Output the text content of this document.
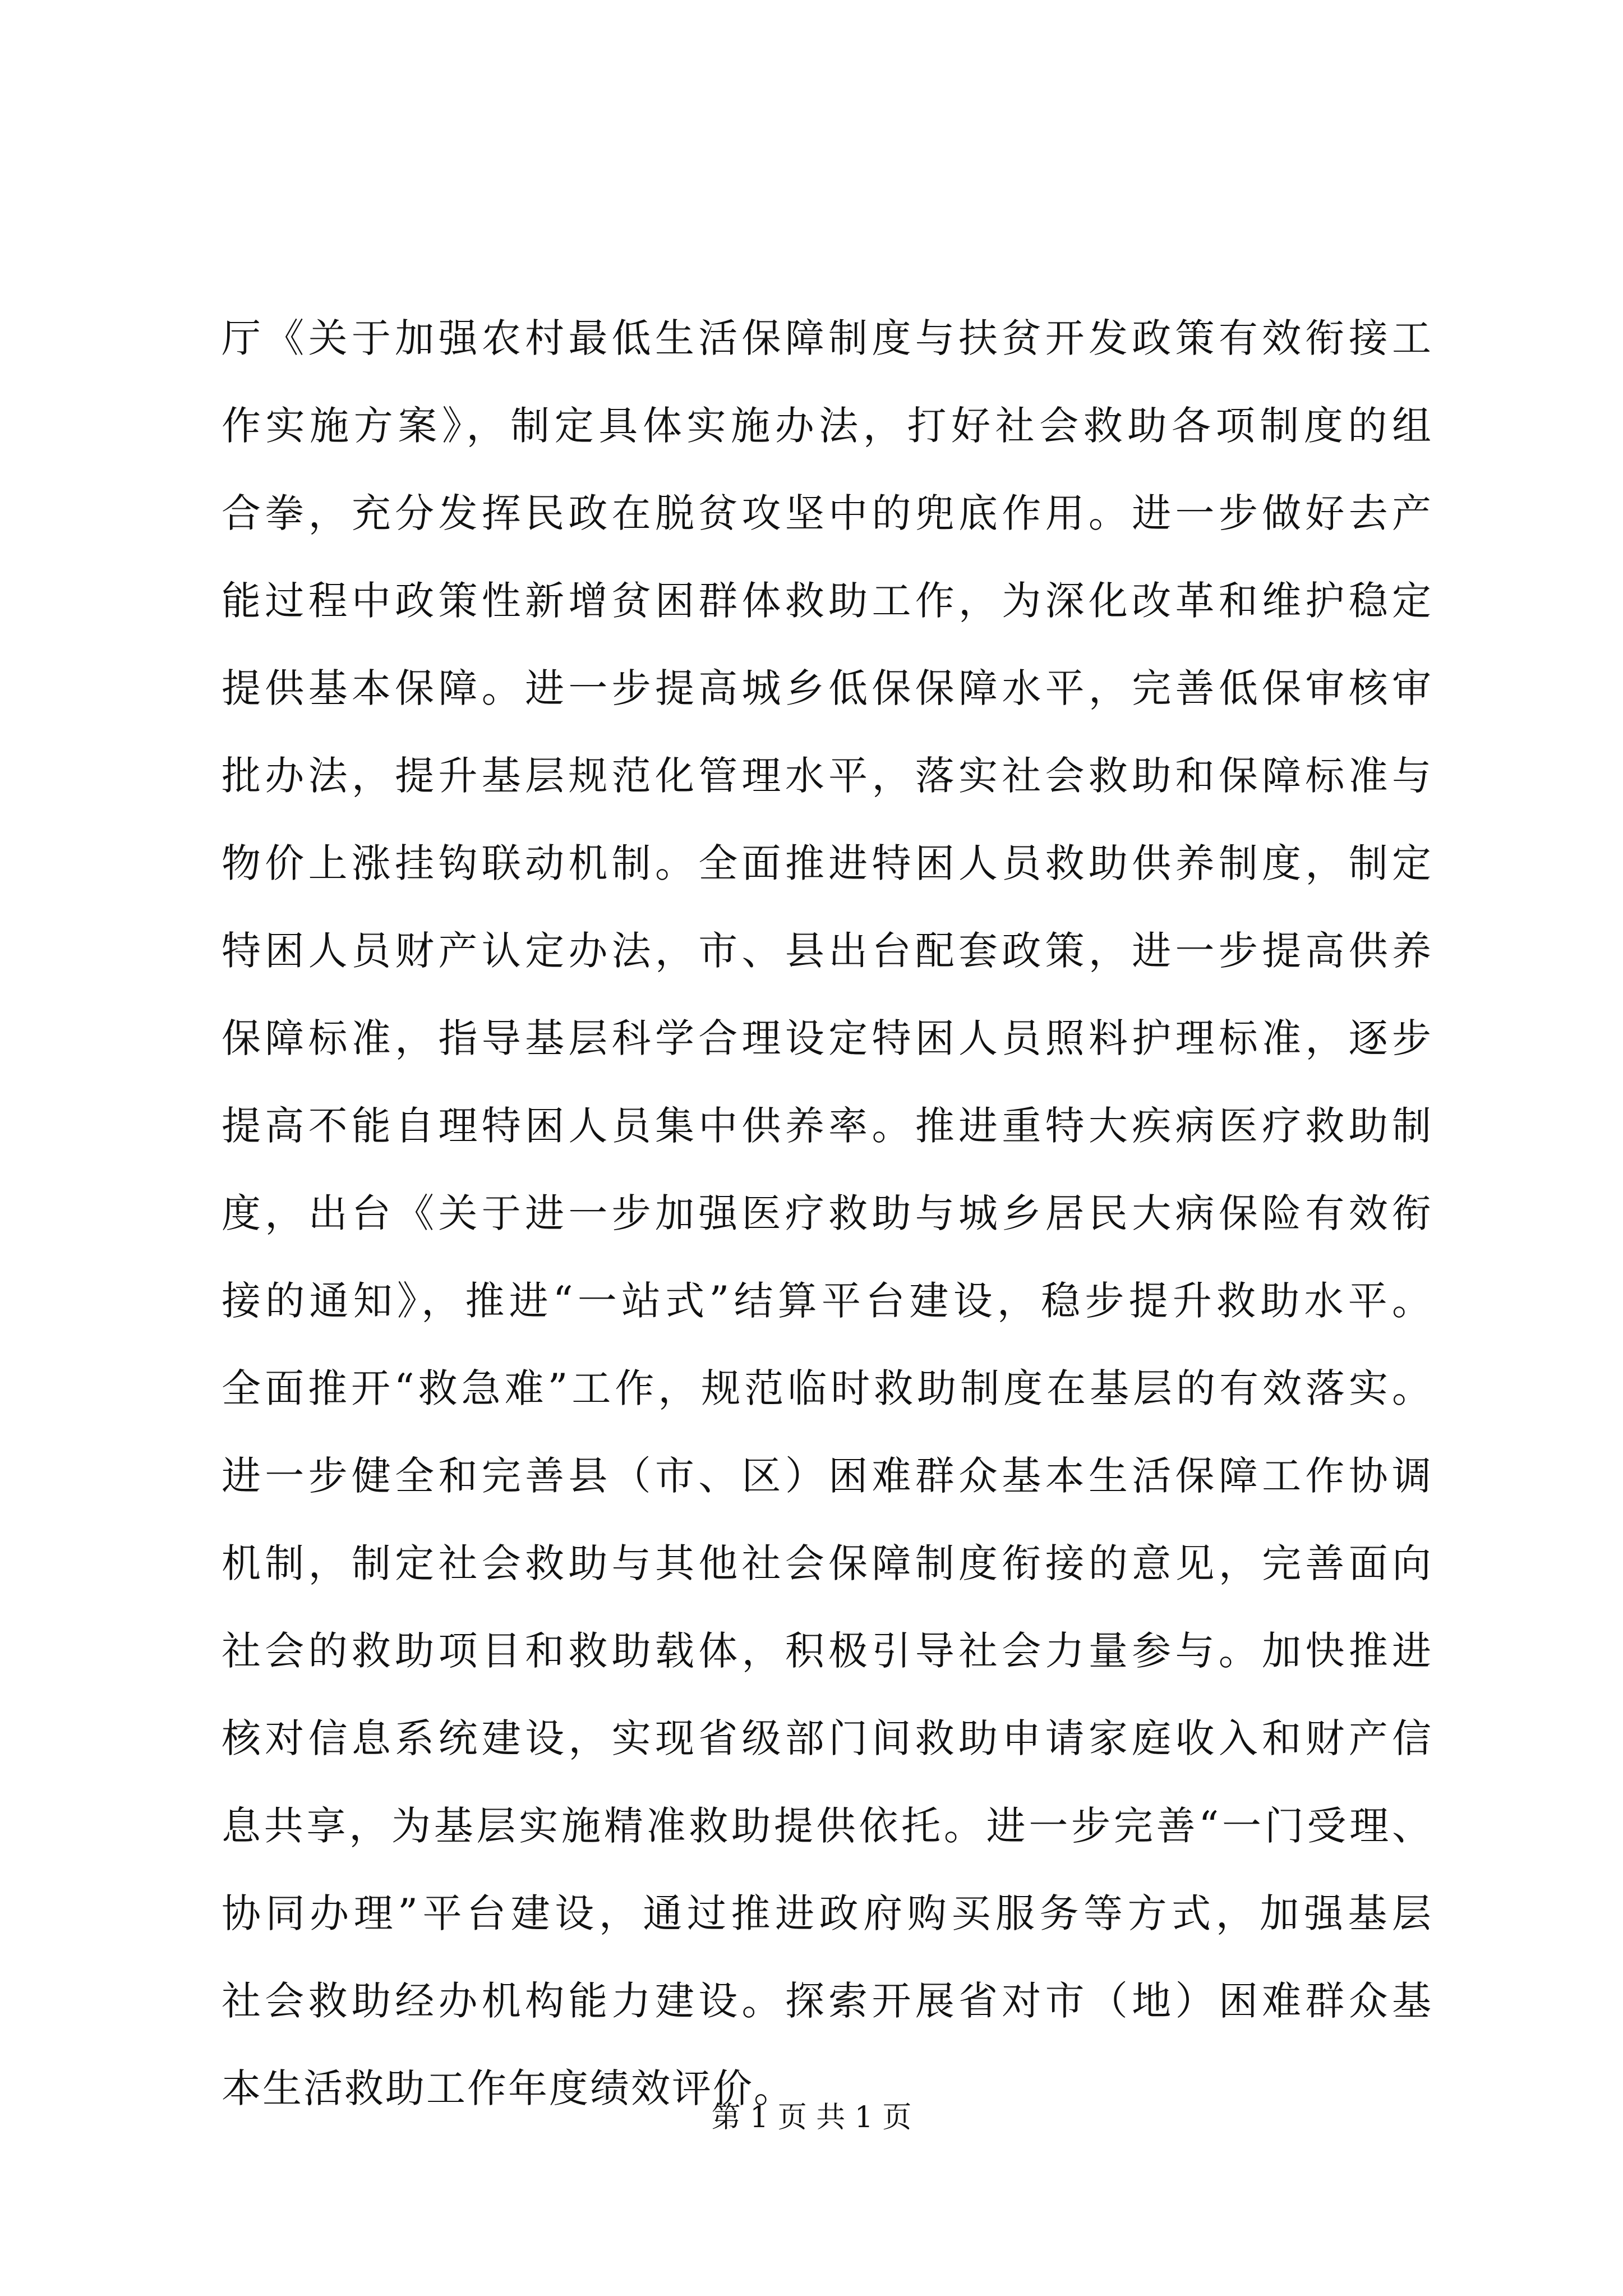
厅《关于加强农村最低生活保障制度与扶贫开发政策有效衔接工
作实施方案》，制定具体实施办法，打好社会救助各项制度的组
合拳，充分发挥民政在脱贫攻坚中的兜底作用。进一步做好去产
能过程中政策性新增贫困群体救助工作，为深化改革和维护稳定
提供基本保障。进一步提高城乡低保保障水平，完善低保审核审
批办法，提升基层规范化管理水平，落实社会救助和保障标准与
物价上涨挂钩联动机制。全面推进特困人员救助供养制度，制定
特困人员财产认定办法，市、县出台配套政策，进一步提高供养
保障标准，指导基层科学合理设定特困人员照料护理标准，逐步
提高不能自理特困人员集中供养率。推进重特大疾病医疗救助制
度，出台《关于进一步加强医疗救助与城乡居民大病保险有效衔
接的通知》，推进“一站式”结算平台建设，稳步提升救助水平。
全面推开“救急难”工作，规范临时救助制度在基层的有效落实。
进一步健全和完善县（市、区）困难群众基本生活保障工作协调
机制，制定社会救助与其他社会保障制度衔接的意见，完善面向
社会的救助项目和救助载体，积极引导社会力量参与。加快推进
核对信息系统建设，实现省级部门间救助申请家庭收入和财产信
息共享，为基层实施精准救助提供依托。进一步完善“一门受理、
协同办理”平台建设，通过推进政府购买服务等方式，加强基层
社会救助经办机构能力建设。探索开展省对市（地）困难群众基
本生活救助工作年度绩效评价。
第 1 页 共 1 页
